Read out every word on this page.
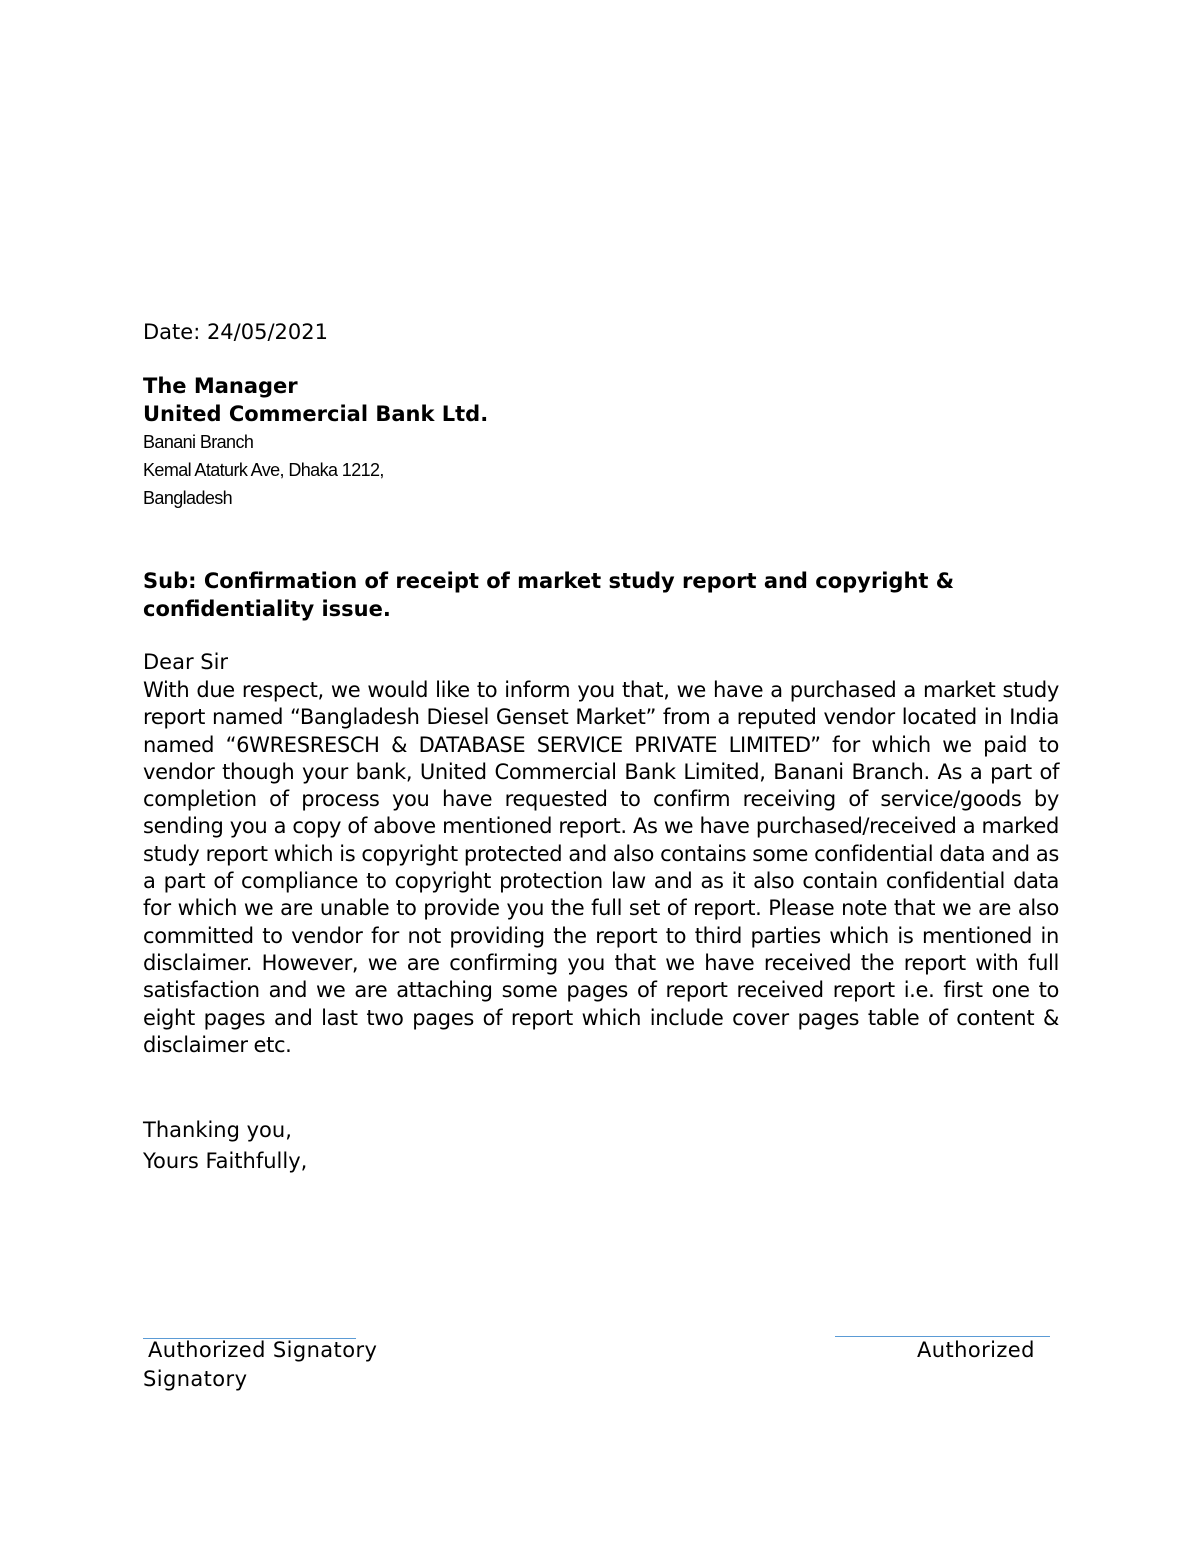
Date: 24/05/2021
The Manager
United Commercial Bank Ltd.
Banani Branch
Kemal Ataturk Ave, Dhaka 1212,
Bangladesh
Sub: Confirmation of receipt of market study report and copyright & confidentiality issue.
Dear Sir
With due respect, we would like to inform you that, we have a purchased a market study report named “Bangladesh Diesel Genset Market” from a reputed vendor located in India named “6WRESRESCH & DATABASE SERVICE PRIVATE LIMITED” for which we paid to vendor though your bank, United Commercial Bank Limited, Banani Branch. As a part of completion of process you have requested to confirm receiving of service/goods by sending you a copy of above mentioned report. As we have purchased/received a marked study report which is copyright protected and also contains some confidential data and as a part of compliance to copyright protection law and as it also contain confidential data for which we are unable to provide you the full set of report. Please note that we are also committed to vendor for not providing the report to third parties which is mentioned in disclaimer. However, we are confirming you that we have received the report with full satisfaction and we are attaching some pages of report received report i.e. first one to eight pages and last two pages of report which include cover pages table of content & disclaimer etc.
Thanking you,
Yours Faithfully,
Authorized Signatory	Authorized
Signatory
